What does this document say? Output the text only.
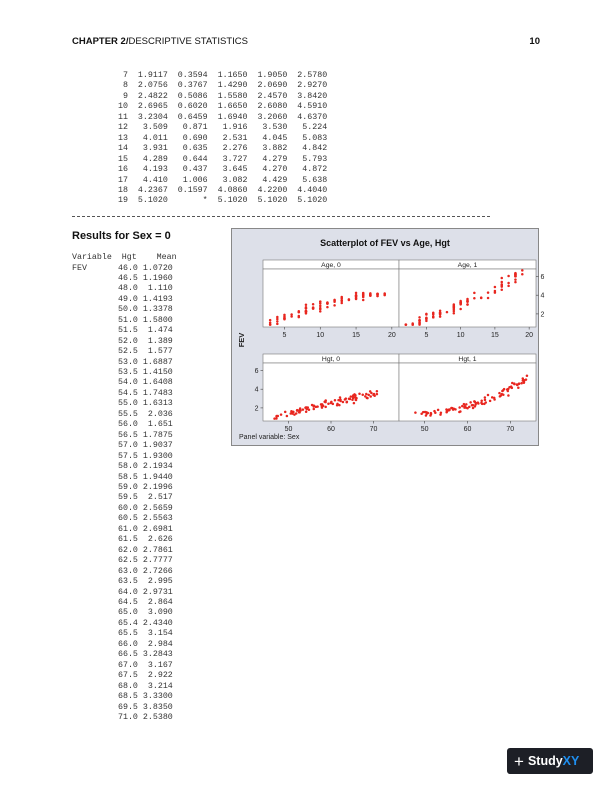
CHAPTER 2/DESCRIPTIVE STATISTICS	10
7  1.9117  0.3594  1.1650  1.9050  2.5780
8  2.0756  0.3767  1.4290  2.0690  2.9270
9  2.4822  0.5086  1.5580  2.4570  3.8420
10  2.6965  0.6020  1.6650  2.6080  4.5910
11  3.2304  0.6459  1.6940  3.2060  4.6370
12   3.509   0.871   1.916   3.530   5.224
13   4.011   0.690   2.531   4.045   5.083
14   3.931   0.635   2.276   3.882   4.842
15   4.289   0.644   3.727   4.279   5.793
16   4.193   0.437   3.645   4.270   4.872
17   4.410   1.006   3.082   4.429   5.638
18  4.2367  0.1597  4.0860  4.2200  4.4040
19  5.1020       *  5.1020  5.1020  5.1020
Results for Sex = 0
Variable  Hgt    Mean
FEV	46.0 1.0720
46.5 1.1960
48.0  1.110
49.0 1.4193
50.0 1.3378
51.0 1.5800
51.5  1.474
52.0  1.389
52.5  1.577
53.0 1.6887
53.5 1.4150
54.0 1.6408
54.5 1.7483
55.0 1.6313
55.5  2.036
56.0  1.651
56.5 1.7875
57.0 1.9037
57.5 1.9300
58.0 2.1934
58.5 1.9440
59.0 2.1996
59.5  2.517
60.0 2.5659
60.5 2.5563
61.0 2.6981
61.5  2.626
62.0 2.7861
62.5 2.7777
63.0 2.7266
63.5  2.995
64.0 2.9731
64.5  2.864
65.0  3.090
65.4 2.4340
65.5  3.154
66.0  2.984
66.5 3.2843
67.0  3.167
67.5  2.922
68.0  3.214
68.5 3.3300
69.5 3.8350
71.0 2.5380
Scatterplot of FEV vs Age, Hgt
Age, 0
5	10	15	20
Age, 1
5	10	15	20
Hgt, 0
50	60	70
Hgt, 1
50	60	70
6
4
2
6
4
2
FEV
Panel variable: Sex
+ Study XY
